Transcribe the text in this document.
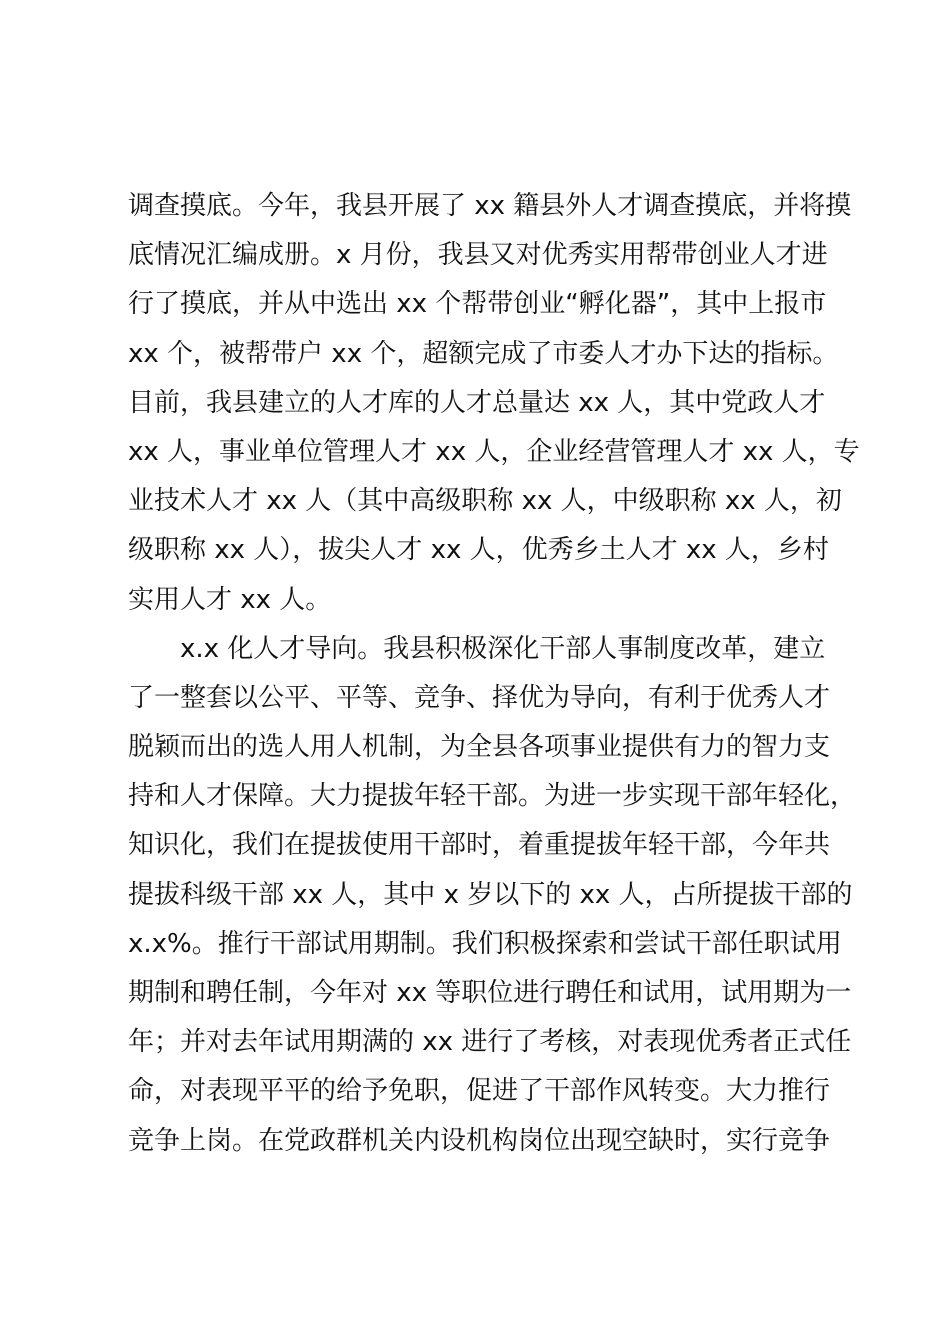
调查摸底。今年，我县开展了 xx 籍县外人才调查摸底，并将摸
底情况汇编成册。x 月份，我县又对优秀实用帮带创业人才进
行了摸底，并从中选出 xx 个帮带创业“孵化器”，其中上报市
xx 个，被帮带户 xx 个，超额完成了市委人才办下达的指标。
目前，我县建立的人才库的人才总量达 xx 人，其中党政人才
xx 人，事业单位管理人才 xx 人，企业经营管理人才 xx 人，专
业技术人才 xx 人（其中高级职称 xx 人，中级职称 xx 人，初
级职称 xx 人），拔尖人才 xx 人，优秀乡土人才 xx 人，乡村
实用人才 xx 人。
x.x 化人才导向。我县积极深化干部人事制度改革，建立
了一整套以公平、平等、竞争、择优为导向，有利于优秀人才
脱颖而出的选人用人机制，为全县各项事业提供有力的智力支
持和人才保障。大力提拔年轻干部。为进一步实现干部年轻化，
知识化，我们在提拔使用干部时，着重提拔年轻干部，今年共
提拔科级干部 xx 人，其中 x 岁以下的 xx 人，占所提拔干部的
x.x%。推行干部试用期制。我们积极探索和尝试干部任职试用
期制和聘任制，今年对 xx 等职位进行聘任和试用，试用期为一
年；并对去年试用期满的 xx 进行了考核，对表现优秀者正式任
命，对表现平平的给予免职，促进了干部作风转变。大力推行
竞争上岗。在党政群机关内设机构岗位出现空缺时，实行竞争
